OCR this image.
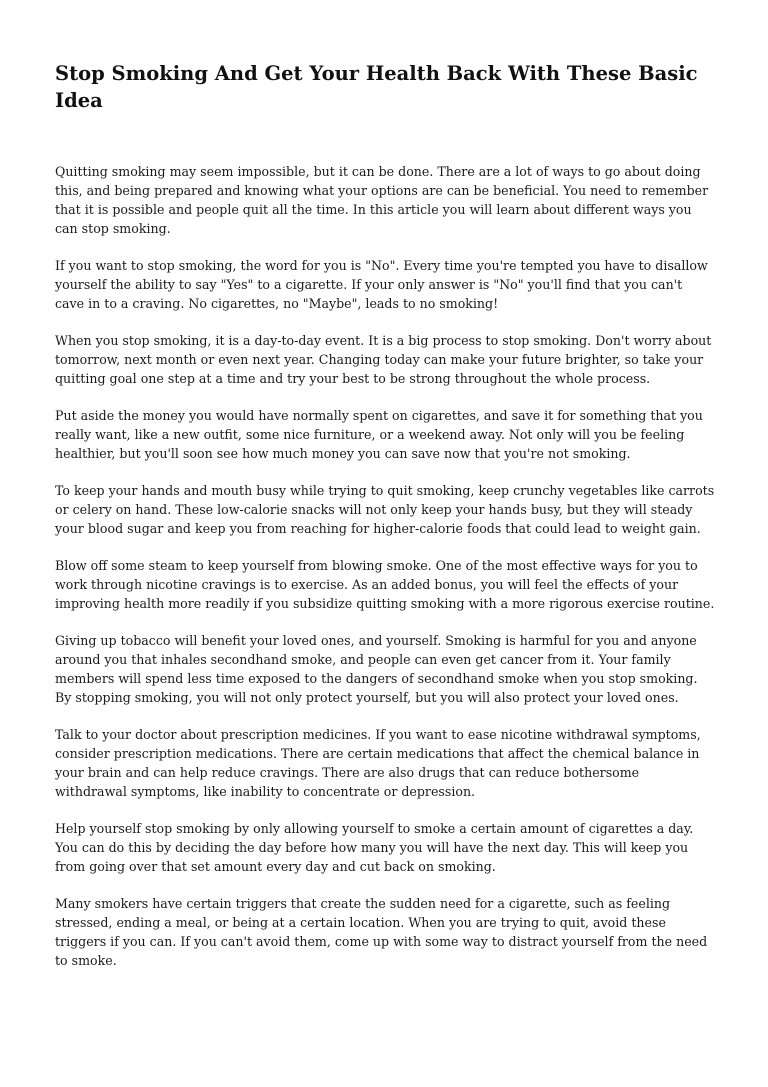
Stop Smoking And Get Your Health Back With These Basic Idea

Quitting smoking may seem impossible, but it can be done. There are a lot of ways to go about doing this, and being prepared and knowing what your options are can be beneficial. You need to remember that it is possible and people quit all the time. In this article you will learn about different ways you can stop smoking.

If you want to stop smoking, the word for you is "No". Every time you're tempted you have to disallow yourself the ability to say "Yes" to a cigarette. If your only answer is "No" you'll find that you can't cave in to a craving. No cigarettes, no "Maybe", leads to no smoking!

When you stop smoking, it is a day-to-day event. It is a big process to stop smoking. Don't worry about tomorrow, next month or even next year. Changing today can make your future brighter, so take your quitting goal one step at a time and try your best to be strong throughout the whole process.

Put aside the money you would have normally spent on cigarettes, and save it for something that you really want, like a new outfit, some nice furniture, or a weekend away. Not only will you be feeling healthier, but you'll soon see how much money you can save now that you're not smoking.

To keep your hands and mouth busy while trying to quit smoking, keep crunchy vegetables like carrots or celery on hand. These low-calorie snacks will not only keep your hands busy, but they will steady your blood sugar and keep you from reaching for higher-calorie foods that could lead to weight gain.

Blow off some steam to keep yourself from blowing smoke. One of the most effective ways for you to work through nicotine cravings is to exercise. As an added bonus, you will feel the effects of your improving health more readily if you subsidize quitting smoking with a more rigorous exercise routine.

Giving up tobacco will benefit your loved ones, and yourself. Smoking is harmful for you and anyone around you that inhales secondhand smoke, and people can even get cancer from it. Your family members will spend less time exposed to the dangers of secondhand smoke when you stop smoking. By stopping smoking, you will not only protect yourself, but you will also protect your loved ones.

Talk to your doctor about prescription medicines. If you want to ease nicotine withdrawal symptoms, consider prescription medications. There are certain medications that affect the chemical balance in your brain and can help reduce cravings. There are also drugs that can reduce bothersome withdrawal symptoms, like inability to concentrate or depression.

Help yourself stop smoking by only allowing yourself to smoke a certain amount of cigarettes a day. You can do this by deciding the day before how many you will have the next day. This will keep you from going over that set amount every day and cut back on smoking.

Many smokers have certain triggers that create the sudden need for a cigarette, such as feeling stressed, ending a meal, or being at a certain location. When you are trying to quit, avoid these triggers if you can. If you can't avoid them, come up with some way to distract yourself from the need to smoke.
